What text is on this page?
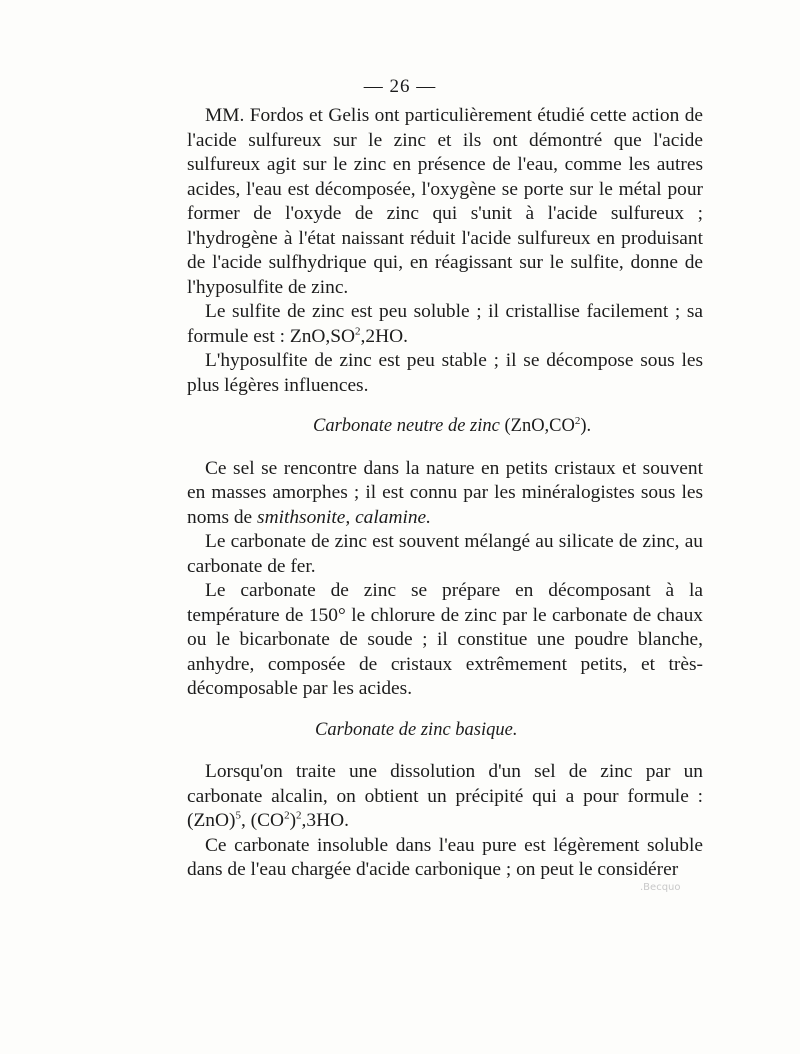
— 26 —

MM. Fordos et Gelis ont particulièrement étudié cette action de l'acide sulfureux sur le zinc et ils ont démontré que l'acide sulfureux agit sur le zinc en présence de l'eau, comme les autres acides, l'eau est décomposée, l'oxygène se porte sur le métal pour former de l'oxyde de zinc qui s'unit à l'acide sulfureux ; l'hydrogène à l'état naissant réduit l'acide sulfureux en produisant de l'acide sulfhydrique qui, en réagissant sur le sulfite, donne de l'hyposulfite de zinc.

Le sulfite de zinc est peu soluble ; il cristallise facilement ; sa formule est : $ZnO,SO^2,2HO$.

L'hyposulfite de zinc est peu stable ; il se décompose sous les plus légères influences.

Carbonate neutre de zinc $(ZnO,CO^2)$.

Ce sel se rencontre dans la nature en petits cristaux et souvent en masses amorphes ; il est connu par les minéralogistes sous les noms de smithsonite, calamine.

Le carbonate de zinc est souvent mélangé au silicate de zinc, au carbonate de fer.

Le carbonate de zinc se prépare en décomposant à la température de 150° le chlorure de zinc par le carbonate de chaux ou le bicarbonate de soude ; il constitue une poudre blanche, anhydre, composée de cristaux extrêmement petits, et très-décomposable par les acides.

Carbonate de zinc basique.

Lorsqu'on traite une dissolution d'un sel de zinc par un carbonate alcalin, on obtient un précipité qui a pour formule : (ZnO)$^5$, $(CO^2)^2,3HO$.

Ce carbonate insoluble dans l'eau pure est légèrement soluble dans de l'eau chargée d'acide carbonique ; on peut le considérer

.Becquo
